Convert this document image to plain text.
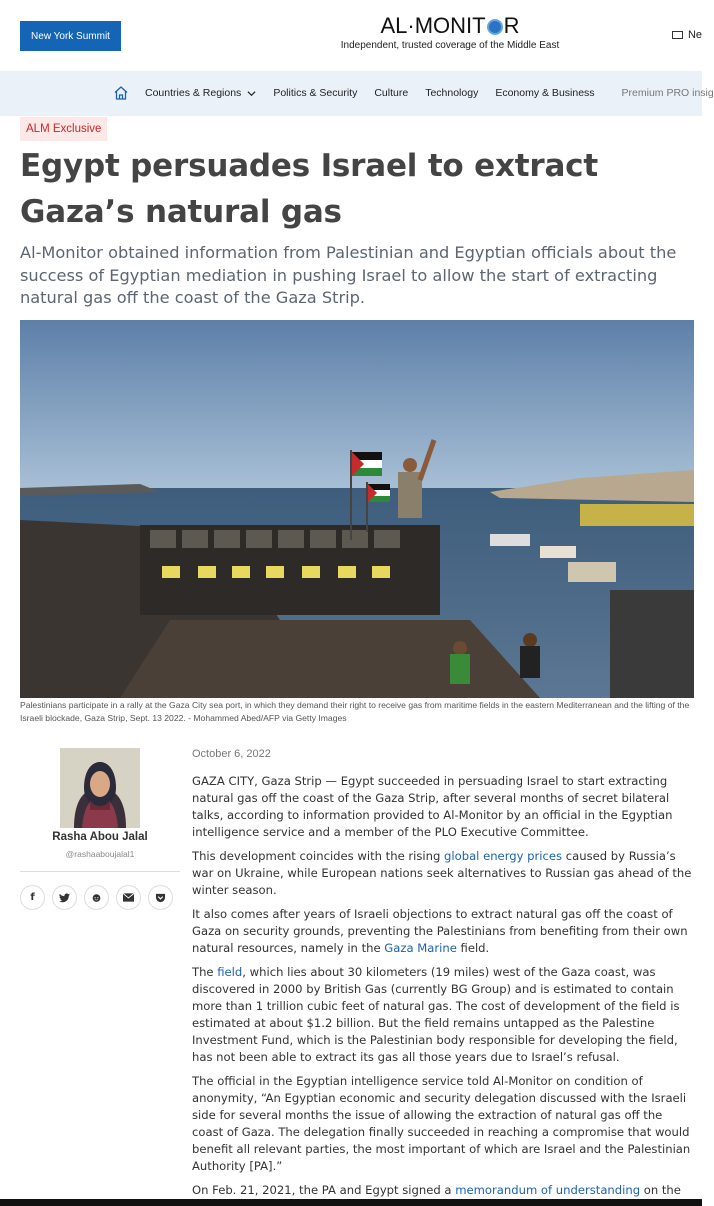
New York Summit	AL·MONIT R
Independent, trusted coverage of the Middle East
Ne
Countries & Regions	Politics & Security Culture Technology Economy & Business	Premium PRO insig
ALM Exclusive
Egypt persuades Israel to extract Gaza’s natural gas
Al-Monitor obtained information from Palestinian and Egyptian officials about the success of Egyptian mediation in pushing Israel to allow the start of extracting natural gas off the coast of the Gaza Strip.
Palestinians participate in a rally at the Gaza City sea port, in which they demand their right to receive gas from maritime fields in the eastern Mediterranean and the lifting of the Israeli blockade, Gaza Strip, Sept. 13 2022. - Mohammed Abed/AFP via Getty Images
Rasha Abou Jalal
@rashaaboujalal1
f
October 6, 2022

GAZA CITY, Gaza Strip — Egypt succeeded in persuading Israel to start extracting natural gas off the coast of the Gaza Strip, after several months of secret bilateral talks, according to information provided to Al-Monitor by an official in the Egyptian intelligence service and a member of the PLO Executive Committee.

This development coincides with the rising global energy prices caused by Russia’s war on Ukraine, while European nations seek alternatives to Russian gas ahead of the winter season.

It also comes after years of Israeli objections to extract natural gas off the coast of Gaza on security grounds, preventing the Palestinians from benefiting from their own natural resources, namely in the Gaza Marine field.

The field, which lies about 30 kilometers (19 miles) west of the Gaza coast, was discovered in 2000 by British Gas (currently BG Group) and is estimated to contain more than 1 trillion cubic feet of natural gas. The cost of development of the field is estimated at about $1.2 billion. But the field remains untapped as the Palestine Investment Fund, which is the Palestinian body responsible for developing the field, has not been able to extract its gas all those years due to Israel’s refusal.

The official in the Egyptian intelligence service told Al-Monitor on condition of anonymity, “An Egyptian economic and security delegation discussed with the Israeli side for several months the issue of allowing the extraction of natural gas off the coast of Gaza. The delegation finally succeeded in reaching a compromise that would benefit all relevant parties, the most important of which are Israel and the Palestinian Authority [PA].”

On Feb. 21, 2021, the PA and Egypt signed a memorandum of understanding on the
